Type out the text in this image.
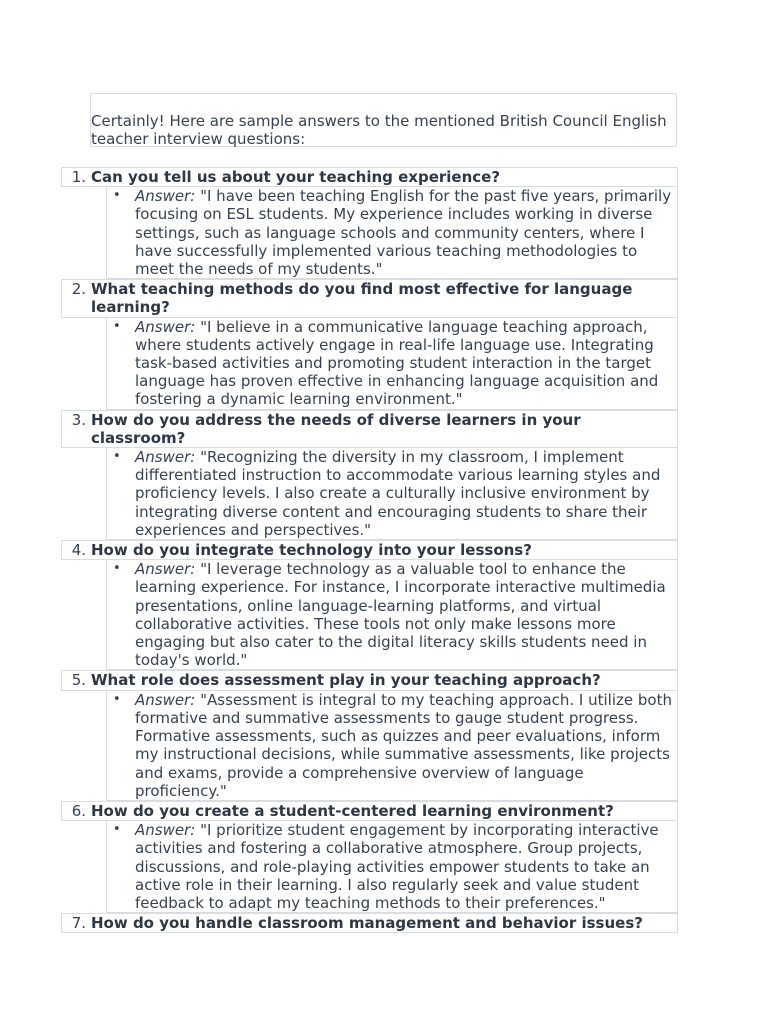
Certainly! Here are sample answers to the mentioned British Council English teacher interview questions:

1. Can you tell us about your teaching experience?
• Answer: "I have been teaching English for the past five years, primarily focusing on ESL students. My experience includes working in diverse settings, such as language schools and community centers, where I have successfully implemented various teaching methodologies to meet the needs of my students."
2. What teaching methods do you find most effective for language learning?
• Answer: "I believe in a communicative language teaching approach, where students actively engage in real-life language use. Integrating task-based activities and promoting student interaction in the target language has proven effective in enhancing language acquisition and fostering a dynamic learning environment."
3. How do you address the needs of diverse learners in your classroom?
• Answer: "Recognizing the diversity in my classroom, I implement differentiated instruction to accommodate various learning styles and proficiency levels. I also create a culturally inclusive environment by integrating diverse content and encouraging students to share their experiences and perspectives."
4. How do you integrate technology into your lessons?
• Answer: "I leverage technology as a valuable tool to enhance the learning experience. For instance, I incorporate interactive multimedia presentations, online language-learning platforms, and virtual collaborative activities. These tools not only make lessons more engaging but also cater to the digital literacy skills students need in today's world."
5. What role does assessment play in your teaching approach?
• Answer: "Assessment is integral to my teaching approach. I utilize both formative and summative assessments to gauge student progress. Formative assessments, such as quizzes and peer evaluations, inform my instructional decisions, while summative assessments, like projects and exams, provide a comprehensive overview of language proficiency."
6. How do you create a student-centered learning environment?
• Answer: "I prioritize student engagement by incorporating interactive activities and fostering a collaborative atmosphere. Group projects, discussions, and role-playing activities empower students to take an active role in their learning. I also regularly seek and value student feedback to adapt my teaching methods to their preferences."
7. How do you handle classroom management and behavior issues?
